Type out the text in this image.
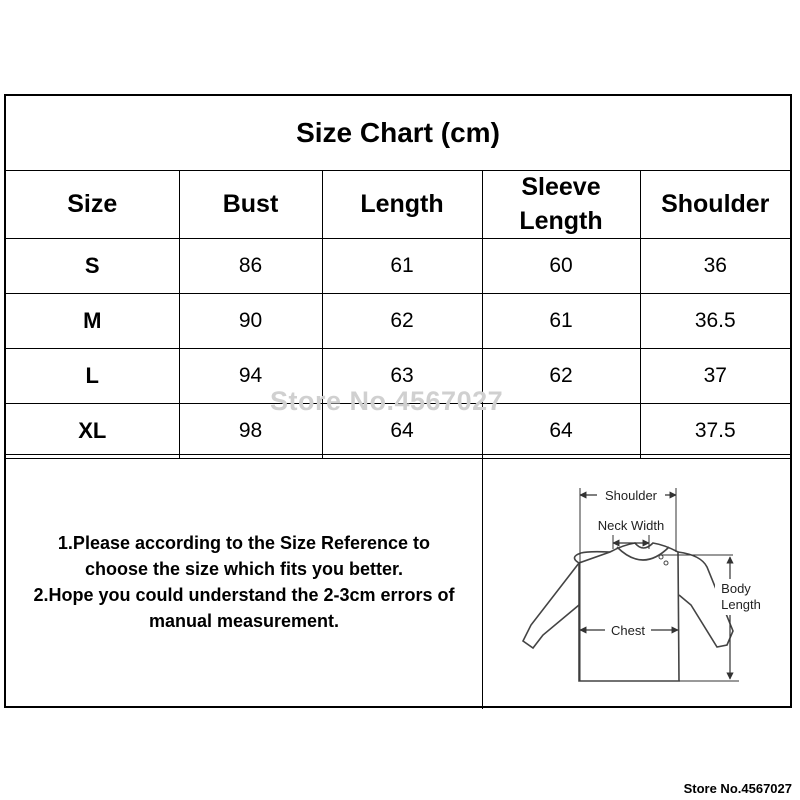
Size Chart (cm)
Size	Bust	Length	Sleeve Length	Shoulder
S	86	61	60	36
M	90	62	61	36.5
L	94	63	62	37
XL	98	64	64	37.5
Store No.4567027

1.Please according to the Size Reference to

choose the size which fits you better.

2.Hope you could understand the 2-3cm errors of

manual measurement.

Shoulder
Neck Width
Chest
Body
Length
Store No.4567027
